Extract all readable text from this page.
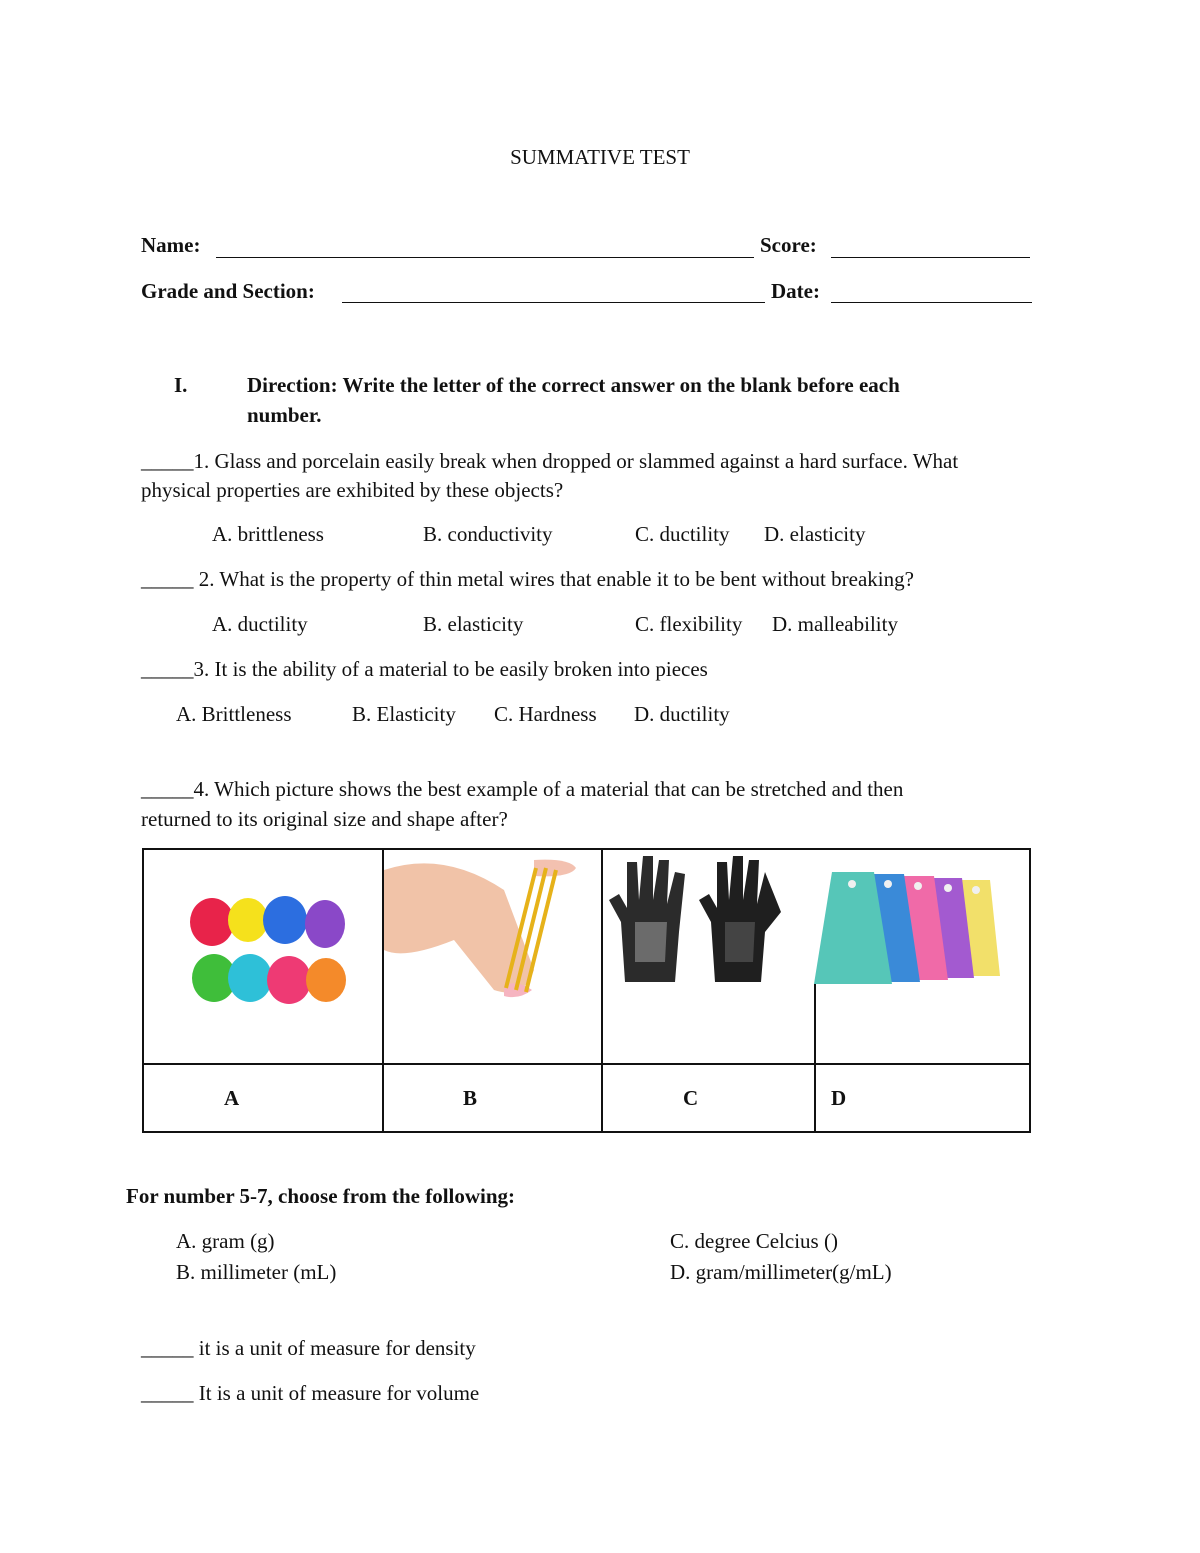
SUMMATIVE TEST
Name:	Score:
Grade and Section:	Date:
I.	Direction: Write the letter of the correct answer on the blank before each
number.
_____1. Glass and porcelain easily break when dropped or slammed against a hard surface. What
physical properties are exhibited by these objects?
A. brittleness	B. conductivity	C. ductility D. elasticity
_____ 2. What is the property of thin metal wires that enable it to be bent without breaking?
A. ductility	B. elasticity	C. flexibility D. malleability
_____3. It is the ability of a material to be easily broken into pieces
A. Brittleness	B. Elasticity C. Hardness D. ductility
_____4. Which picture shows the best example of a material that can be stretched and then
returned to its original size and shape after?

A	B	C	D
For number 5-7, choose from the following:
A. gram (g)
B. millimeter (mL)
C. degree Celcius ()
D. gram/millimeter(g/mL)
_____ it is a unit of measure for density
_____ It is a unit of measure for volume
